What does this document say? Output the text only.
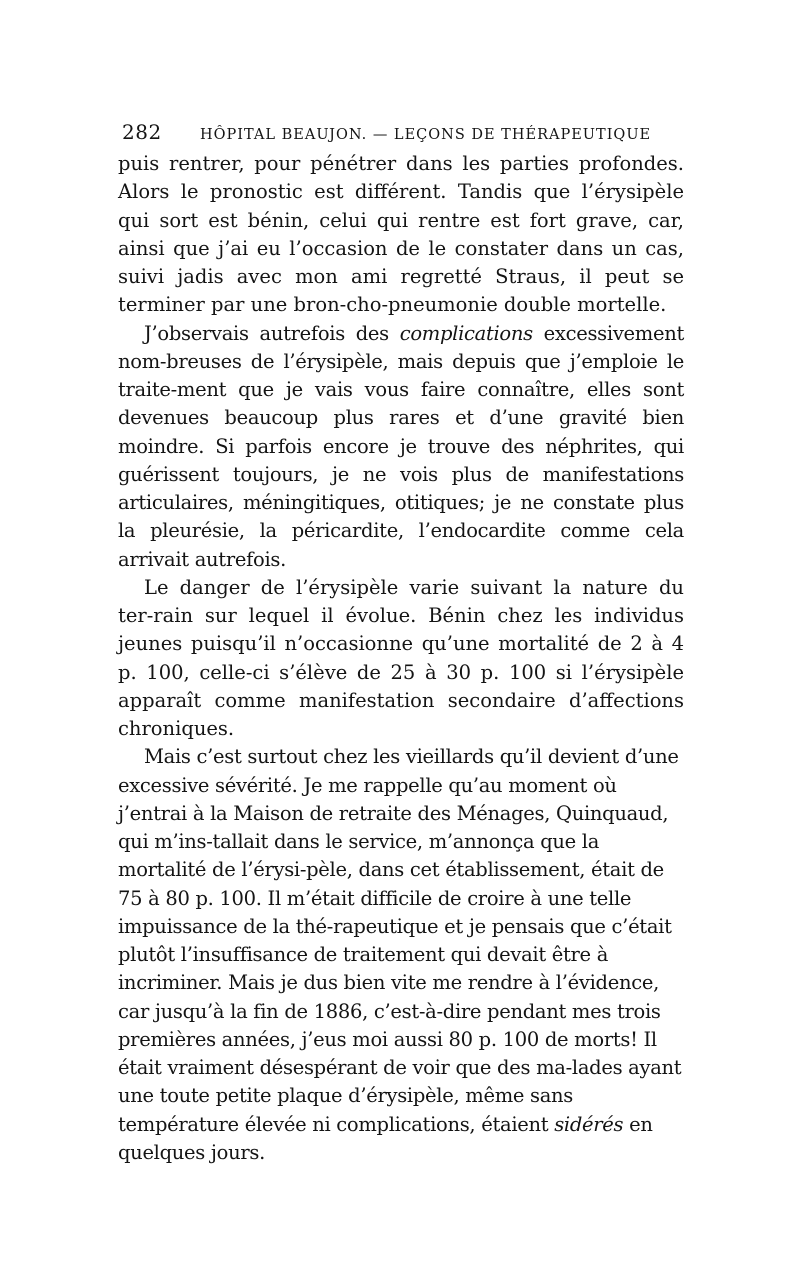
282	HÔPITAL BEAUJON. — LEÇONS DE THÉRAPEUTIQUE

puis rentrer, pour pénétrer dans les parties profondes. Alors le pronostic est différent. Tandis que l’érysipèle qui sort est bénin, celui qui rentre est fort grave, car, ainsi que j’ai eu l’occasion de le constater dans un cas, suivi jadis avec mon ami regretté Straus, il peut se terminer par une bron-cho-pneumonie double mortelle.

J’observais autrefois des complications excessivement nom-breuses de l’érysipèle, mais depuis que j’emploie le traite-ment que je vais vous faire connaître, elles sont devenues beaucoup plus rares et d’une gravité bien moindre. Si parfois encore je trouve des néphrites, qui guérissent toujours, je ne vois plus de manifestations articulaires, méningitiques, otitiques; je ne constate plus la pleurésie, la péricardite, l’endocardite comme cela arrivait autrefois.

Le danger de l’érysipèle varie suivant la nature du ter-rain sur lequel il évolue. Bénin chez les individus jeunes puisqu’il n’occasionne qu’une mortalité de 2 à 4 p. 100, celle-ci s’élève de 25 à 30 p. 100 si l’érysipèle apparaît comme manifestation secondaire d’affections chroniques.

Mais c’est surtout chez les vieillards qu’il devient d’une excessive sévérité. Je me rappelle qu’au moment où j’entrai à la Maison de retraite des Ménages, Quinquaud, qui m’ins-tallait dans le service, m’annonça que la mortalité de l’érysi-pèle, dans cet établissement, était de 75 à 80 p. 100. Il m’était difficile de croire à une telle impuissance de la thé-rapeutique et je pensais que c’était plutôt l’insuffisance de traitement qui devait être à incriminer. Mais je dus bien vite me rendre à l’évidence, car jusqu’à la fin de 1886, c’est-à-dire pendant mes trois premières années, j’eus moi aussi 80 p. 100 de morts! Il était vraiment désespérant de voir que des ma-lades ayant une toute petite plaque d’érysipèle, même sans température élevée ni complications, étaient sidérés en quelques jours.
